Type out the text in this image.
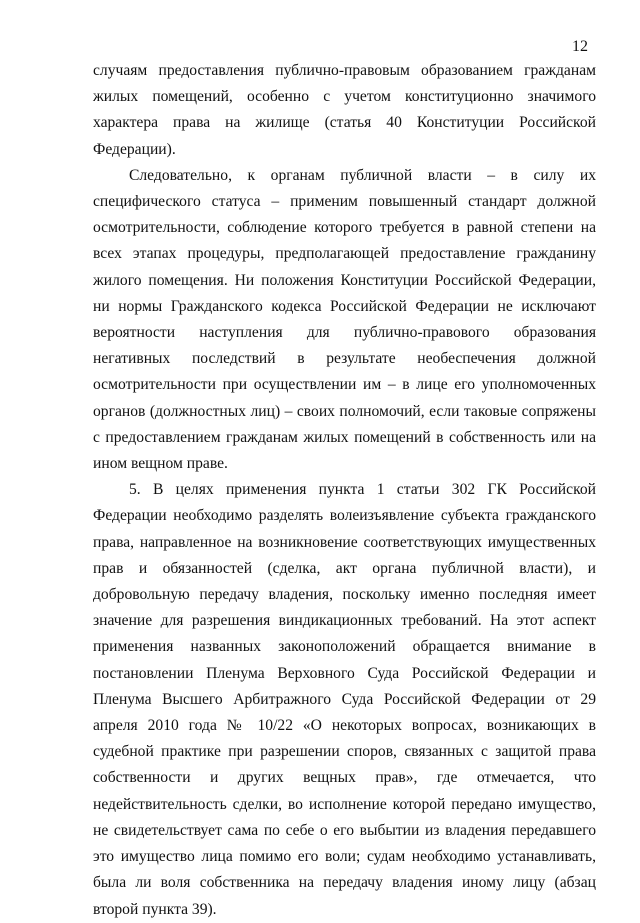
12

случаям предоставления публично-правовым образованием гражданам жилых помещений, особенно с учетом конституционно значимого характера права на жилище (статья 40 Конституции Российской Федерации).

Следовательно, к органам публичной власти – в силу их специфического статуса – применим повышенный стандарт должной осмотрительности, соблюдение которого требуется в равной степени на всех этапах процедуры, предполагающей предоставление гражданину жилого помещения. Ни положения Конституции Российской Федерации, ни нормы Гражданского кодекса Российской Федерации не исключают вероятности наступления для публично-правового образования негативных последствий в результате необеспечения должной осмотрительности при осуществлении им – в лице его уполномоченных органов (должностных лиц) – своих полномочий, если таковые сопряжены с предоставлением гражданам жилых помещений в собственность или на ином вещном праве.

5. В целях применения пункта 1 статьи 302 ГК Российской Федерации необходимо разделять волеизъявление субъекта гражданского права, направленное на возникновение соответствующих имущественных прав и обязанностей (сделка, акт органа публичной власти), и добровольную передачу владения, поскольку именно последняя имеет значение для разрешения виндикационных требований. На этот аспект применения названных законоположений обращается внимание в постановлении Пленума Верховного Суда Российской Федерации и Пленума Высшего Арбитражного Суда Российской Федерации от 29 апреля 2010 года № 10/22 «О некоторых вопросах, возникающих в судебной практике при разрешении споров, связанных с защитой права собственности и других вещных прав», где отмечается, что недействительность сделки, во исполнение которой передано имущество, не свидетельствует сама по себе о его выбытии из владения передавшего это имущество лица помимо его воли; судам необходимо устанавливать, была ли воля собственника на передачу владения иному лицу (абзац второй пункта 39).
